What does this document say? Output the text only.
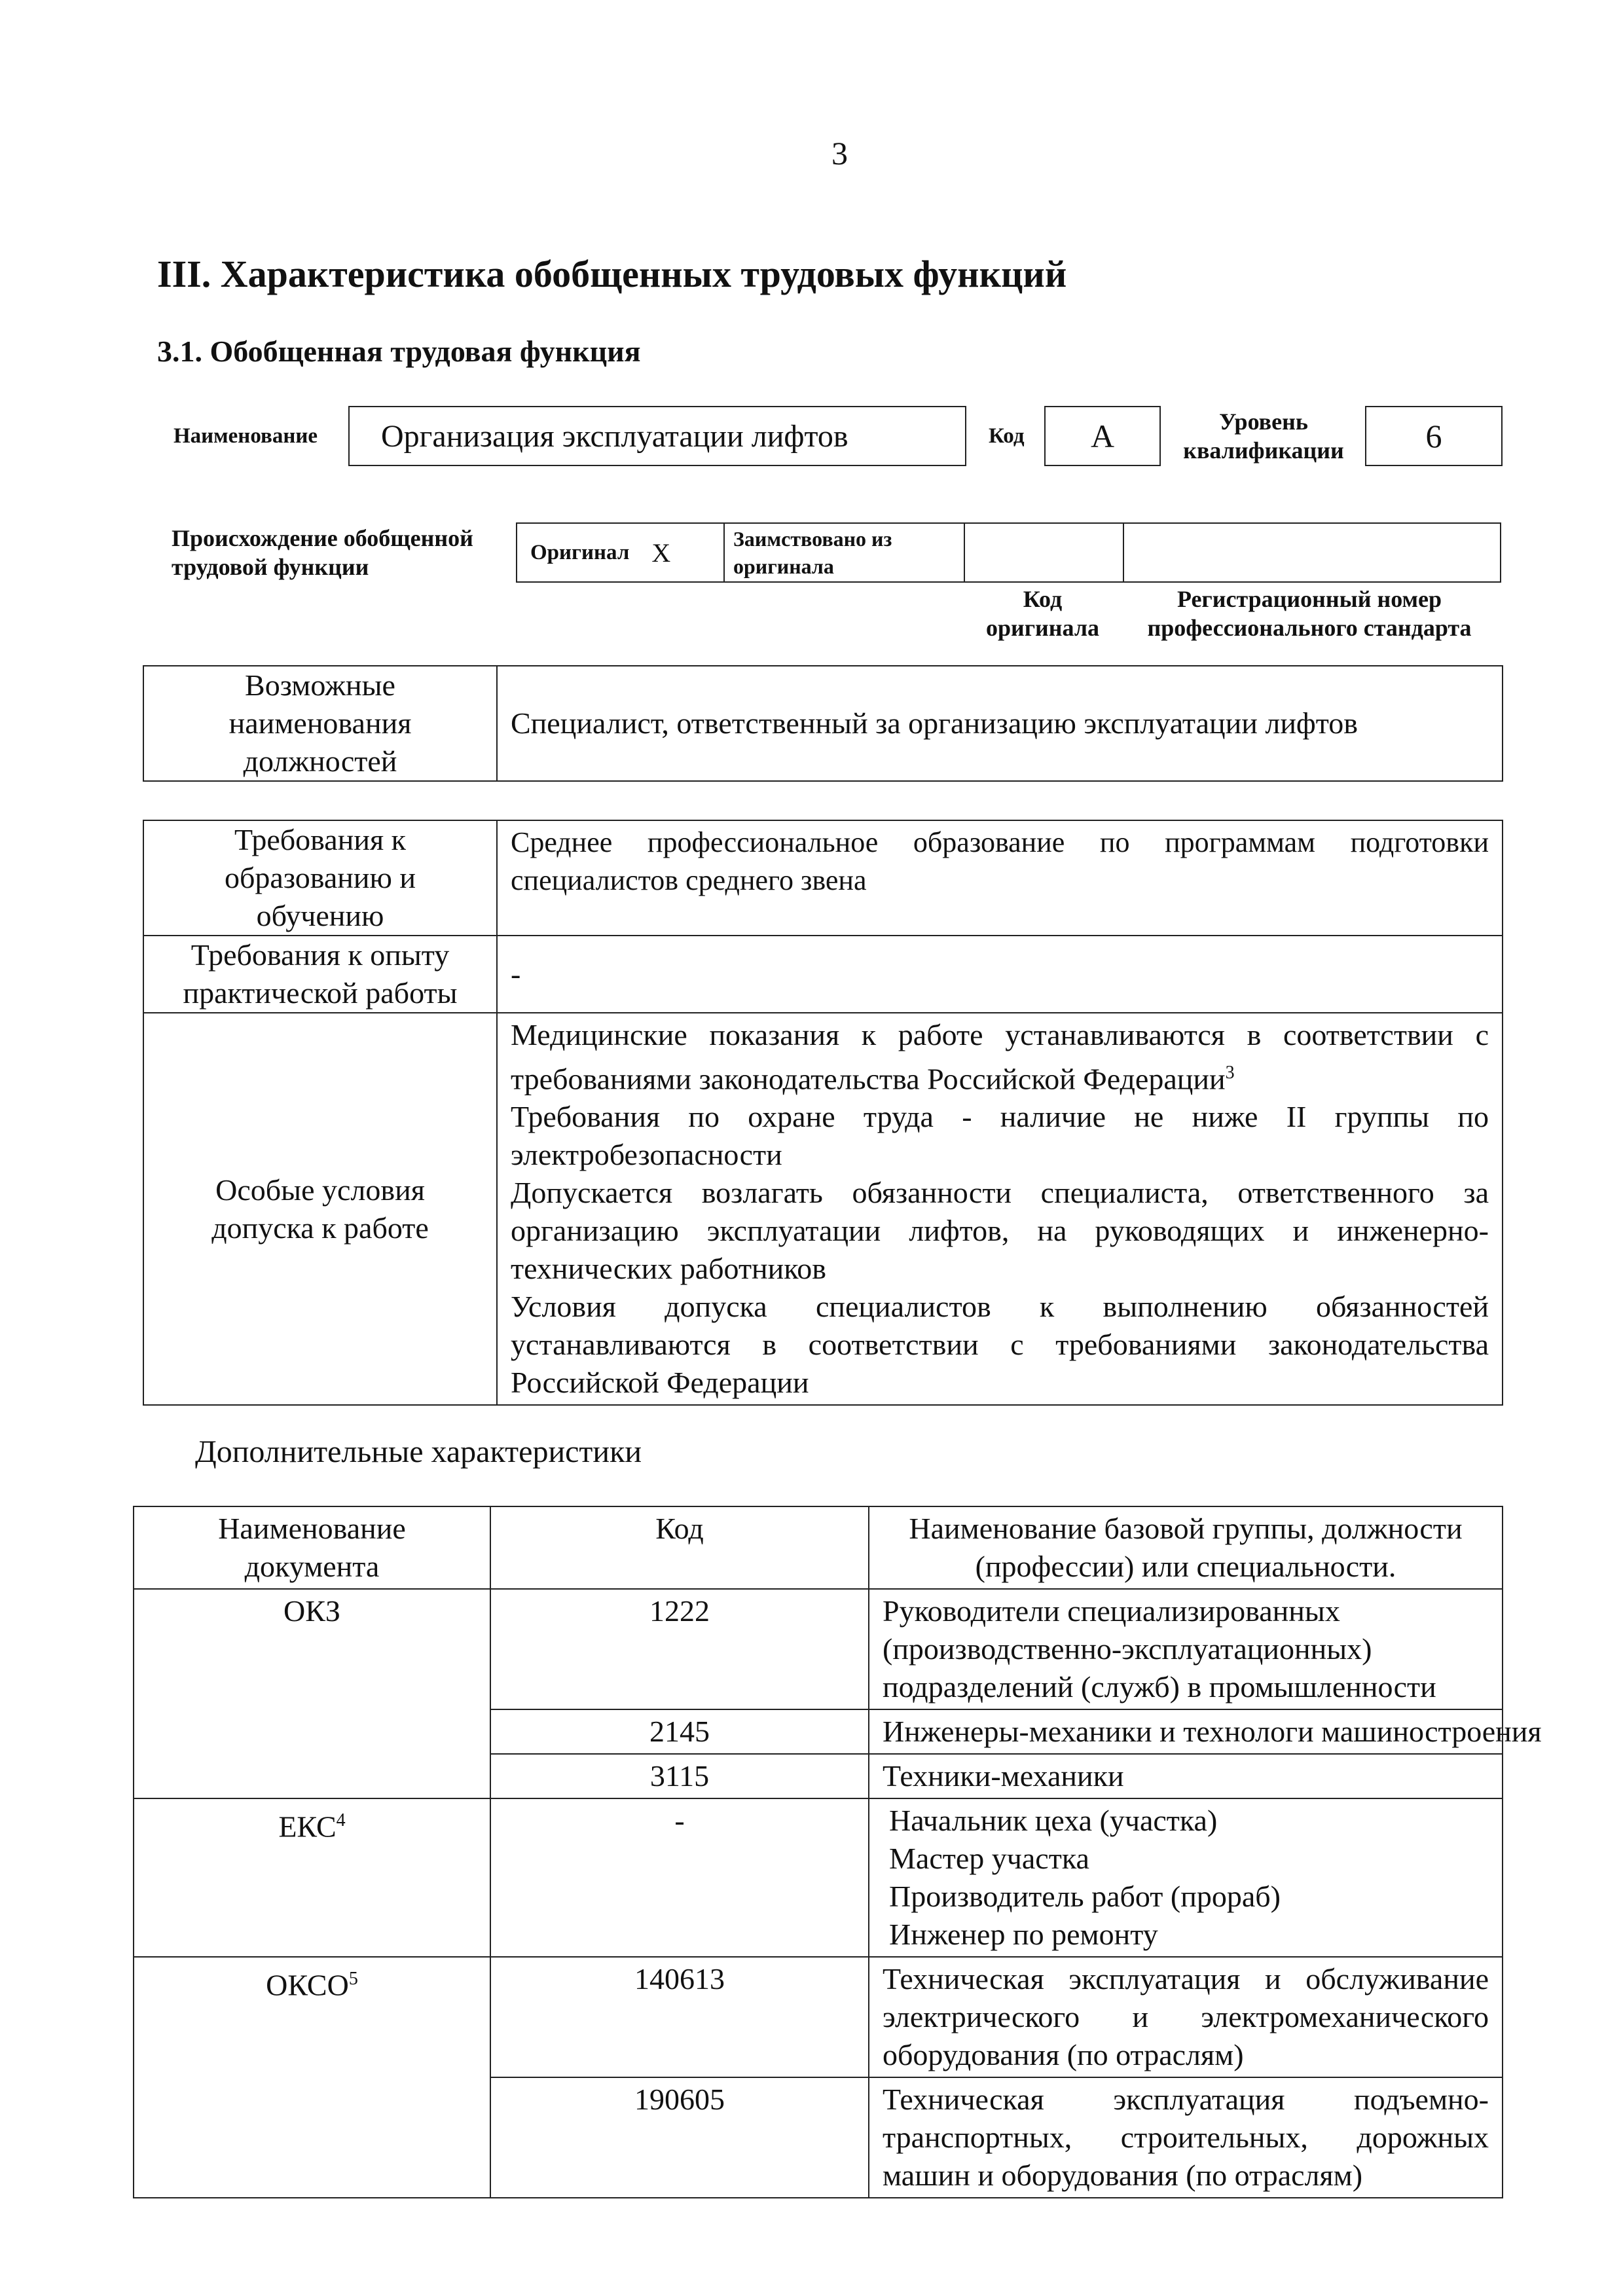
3
III. Характеристика обобщенных трудовых функций
3.1. Обобщенная трудовая функция
Наименование Организация эксплуатации лифтов	Код А	Уровень
квалификации	6
Происхождение обобщенной
трудовой функции
Оригинал Х	Заимствовано из
оригинала
Код
оригинала
Регистрационный номер
профессионального стандарта
Возможные
наименования
должностей
	Специалист, ответственный за организацию эксплуатации лифтов
Требования к
образованию и
обучению	Среднее профессиональное образование по программам подготовки специалистов среднего звена

Требования к опыту
практической работы	-

Особые условия
допуска к работе	Медицинские показания к работе устанавливаются в соответствии с требованиями законодательства Российской Федерации$^3$
Требования по охране труда - наличие не ниже II группы по электробезопасности
Допускается возлагать обязанности специалиста, ответственного за организацию эксплуатации лифтов, на руководящих и инженерно-технических работников
Условия допуска специалистов к выполнению обязанностей устанавливаются в соответствии с требованиями законодательства Российской Федерации
Дополнительные характеристики
Наименование
документа	Код	Наименование базовой группы, должности
(профессии) или специальности.

ОКЗ	1222	Руководители специализированных (производственно-эксплуатационных) подразделений (служб) в промышленности
	2145	Инженеры-механики и технологи машиностроения
	3115	Техники-механики
ЕКС$^4$	-	Начальник цеха (участка)
Мастер участка
Производитель работ (прораб)
Инженер по ремонту

ОКСО$^5$	140613	Техническая эксплуатация и обслуживание электрического и электромеханического оборудования (по отраслям)
	190605	Техническая эксплуатация подъемно-транспортных, строительных, дорожных машин и оборудования (по отраслям)
